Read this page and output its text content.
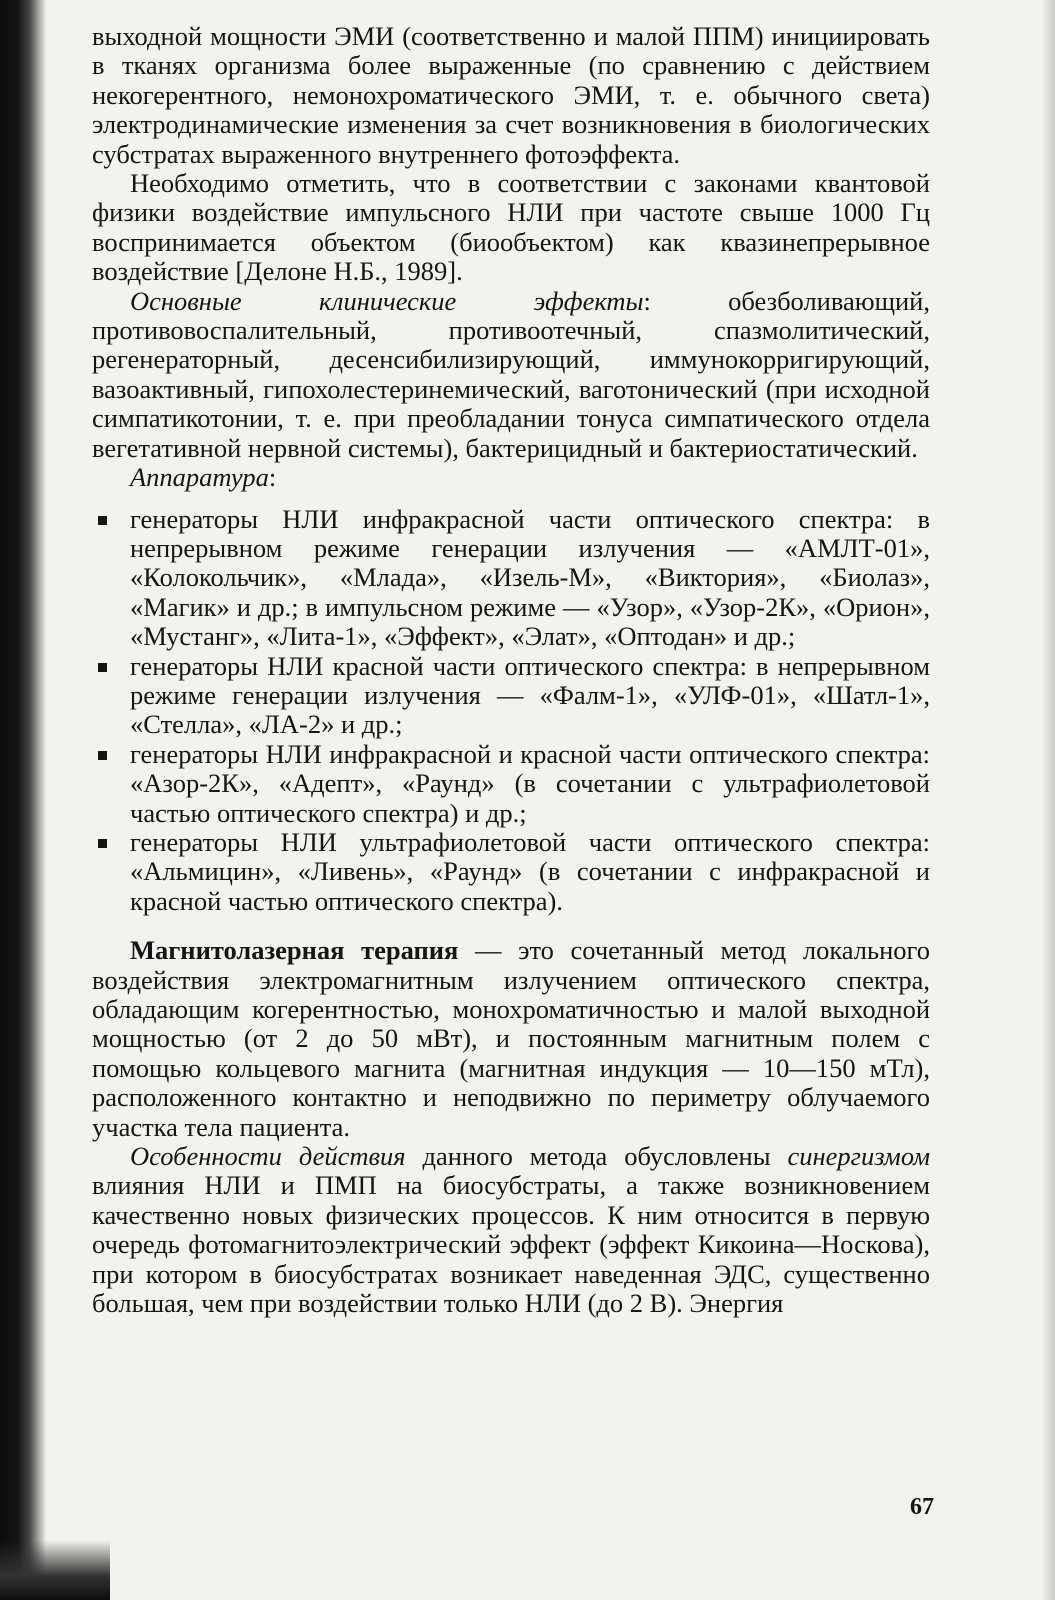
выходной мощности ЭМИ (соответственно и малой ППМ) инициировать в тканях организма более выраженные (по сравнению с действием некогерентного, немонохроматического ЭМИ, т. е. обычного света) электродинамические изменения за счет возникновения в биологических субстратах выраженного внутреннего фотоэффекта.

Необходимо отметить, что в соответствии с законами квантовой физики воздействие импульсного НЛИ при частоте свыше 1000 Гц воспринимается объектом (биообъектом) как квазинепрерывное воздействие [Делоне Н.Б., 1989].

Основные клинические эффекты: обезболивающий, противовоспалительный, противоотечный, спазмолитический, регенераторный, десенсибилизирующий, иммунокорригирующий, вазоактивный, гипохолестеринемический, ваготонический (при исходной симпатикотонии, т. е. при преобладании тонуса симпатического отдела вегетативной нервной системы), бактерицидный и бактериостатический.

Аппаратура:

генераторы НЛИ инфракрасной части оптического спектра: в непрерывном режиме генерации излучения — «АМЛТ-01», «Колокольчик», «Млада», «Изель-М», «Виктория», «Биолаз», «Магик» и др.; в импульсном режиме — «Узор», «Узор-2К», «Орион», «Мустанг», «Лита-1», «Эффект», «Элат», «Оптодан» и др.;
генераторы НЛИ красной части оптического спектра: в непрерывном режиме генерации излучения — «Фалм-1», «УЛФ-01», «Шатл-1», «Стелла», «ЛА-2» и др.;
генераторы НЛИ инфракрасной и красной части оптического спектра: «Азор-2К», «Адепт», «Раунд» (в сочетании с ультрафиолетовой частью оптического спектра) и др.;
генераторы НЛИ ультрафиолетовой части оптического спектра: «Альмицин», «Ливень», «Раунд» (в сочетании с инфракрасной и красной частью оптического спектра).

Магнитолазерная терапия — это сочетанный метод локального воздействия электромагнитным излучением оптического спектра, обладающим когерентностью, монохроматичностью и малой выходной мощностью (от 2 до 50 мВт), и постоянным магнитным полем с помощью кольцевого магнита (магнитная индукция — 10—150 мТл), расположенного контактно и неподвижно по периметру облучаемого участка тела пациента.

Особенности действия данного метода обусловлены синергизмом влияния НЛИ и ПМП на биосубстраты, а также возникновением качественно новых физических процессов. К ним относится в первую очередь фотомагнитоэлектрический эффект (эффект Кикоина—Носкова), при котором в биосубстратах возникает наведенная ЭДС, существенно большая, чем при воздействии только НЛИ (до 2 В). Энергия

67
